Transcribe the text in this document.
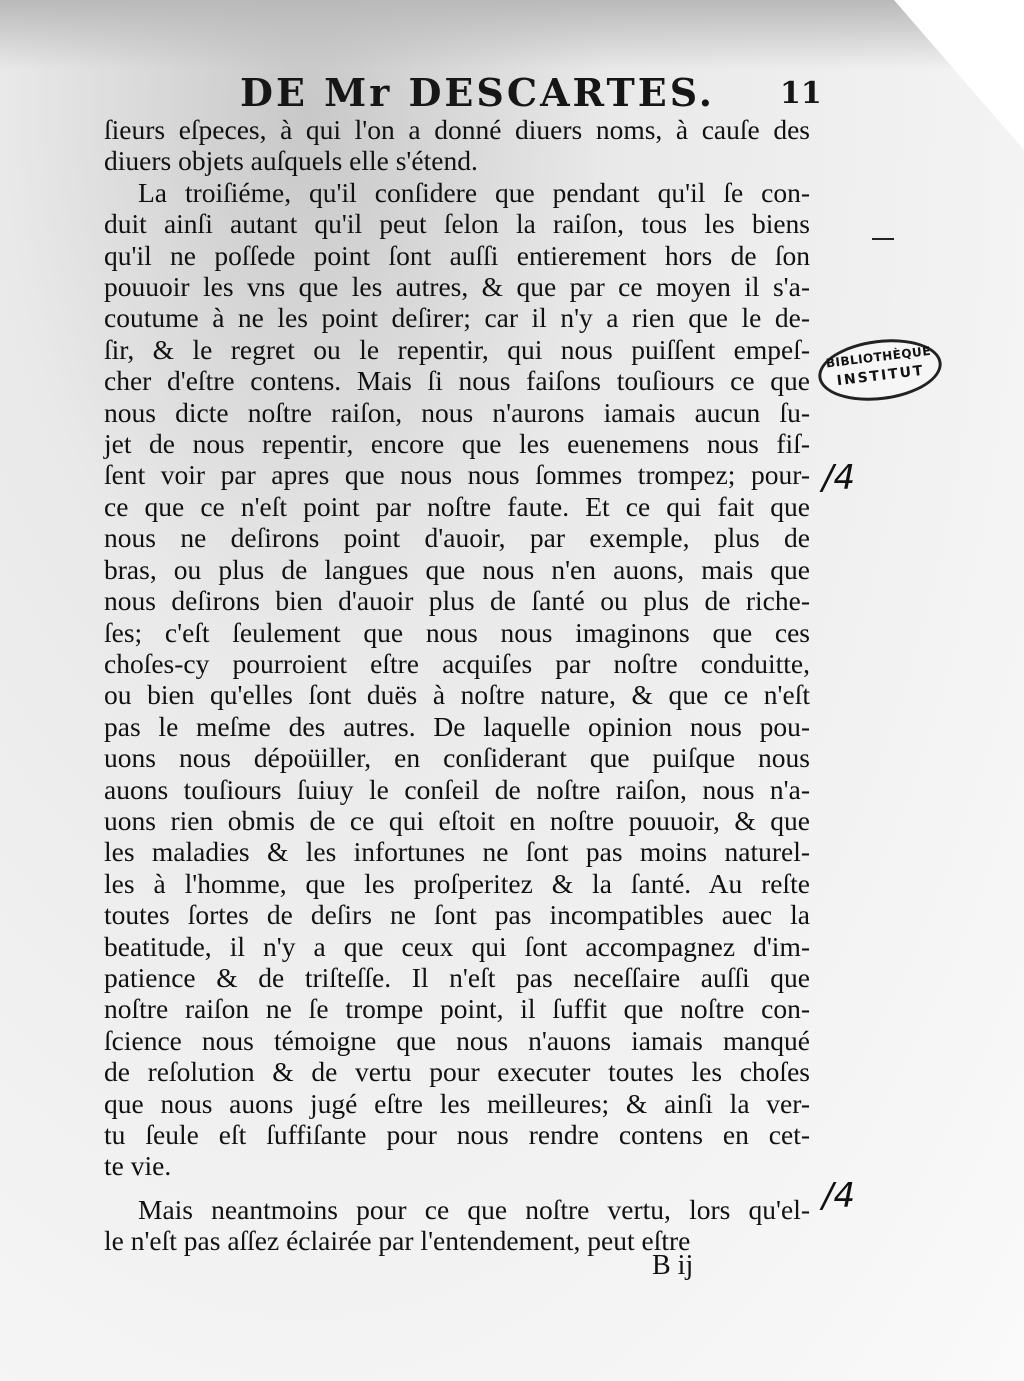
DE Mr DESCARTES. 11
ſieurs eſpeces, à qui l'on a donné diuers noms, à cauſe des
diuers objets auſquels elle s'étend.
La troiſiéme, qu'il conſidere que pendant qu'il ſe con-
duit ainſi autant qu'il peut ſelon la raiſon, tous les biens
qu'il ne poſſede point ſont auſſi entierement hors de ſon
pouuoir les vns que les autres, & que par ce moyen il s'a-
coutume à ne les point deſirer; car il n'y a rien que le de-
ſir, & le regret ou le repentir, qui nous puiſſent empeſ-
cher d'eſtre contens. Mais ſi nous faiſons touſiours ce que
nous dicte noſtre raiſon, nous n'aurons iamais aucun ſu-
jet de nous repentir, encore que les euenemens nous fiſ-
ſent voir par apres que nous nous ſommes trompez; pour-
ce que ce n'eſt point par noſtre faute. Et ce qui fait que
nous ne deſirons point d'auoir, par exemple, plus de
bras, ou plus de langues que nous n'en auons, mais que
nous deſirons bien d'auoir plus de ſanté ou plus de riche-
ſes; c'eſt ſeulement que nous nous imaginons que ces
choſes-cy pourroient eſtre acquiſes par noſtre conduitte,
ou bien qu'elles ſont duës à noſtre nature, & que ce n'eſt
pas le meſme des autres. De laquelle opinion nous pou-
uons nous dépoüiller, en conſiderant que puiſque nous
auons touſiours ſuiuy le conſeil de noſtre raiſon, nous n'a-
uons rien obmis de ce qui eſtoit en noſtre pouuoir, & que
les maladies & les infortunes ne ſont pas moins naturel-
les à l'homme, que les proſperitez & la ſanté. Au reſte
toutes ſortes de deſirs ne ſont pas incompatibles auec la
beatitude, il n'y a que ceux qui ſont accompagnez d'im-
patience & de triſteſſe. Il n'eſt pas neceſſaire auſſi que
noſtre raiſon ne ſe trompe point, il ſuffit que noſtre con-
ſcience nous témoigne que nous n'auons iamais manqué
de reſolution & de vertu pour executer toutes les choſes
que nous auons jugé eſtre les meilleures; & ainſi la ver-
tu ſeule eſt ſuffiſante pour nous rendre contens en cet-
te vie.
Mais neantmoins pour ce que noſtre vertu, lors qu'el-
le n'eſt pas aſſez éclairée par l'entendement, peut eſtre
BIBLIOTHÈQUE
INSTITUT
/4
/4
B ij
